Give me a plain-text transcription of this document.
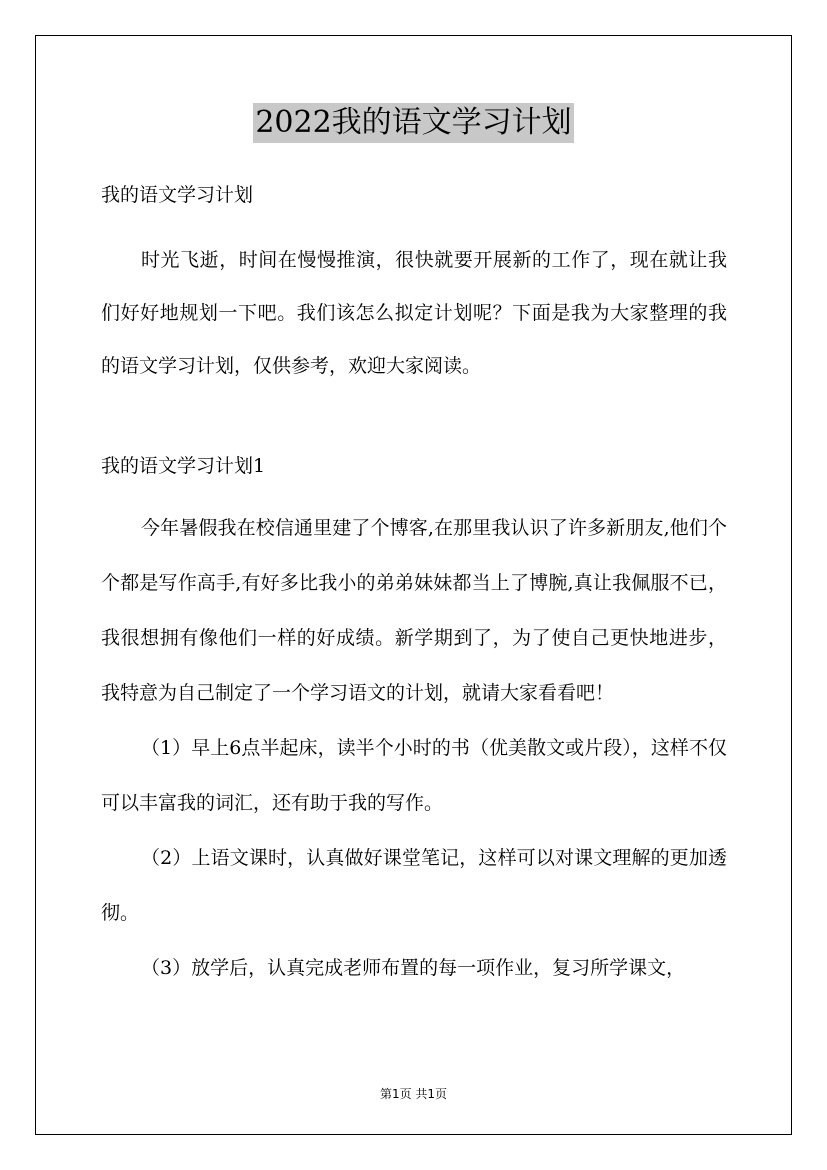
2022我的语文学习计划

我的语文学习计划

时光飞逝，时间在慢慢推演，很快就要开展新的工作了，现在就让我们好好地规划一下吧。我们该怎么拟定计划呢？下面是我为大家整理的我的语文学习计划，仅供参考，欢迎大家阅读。

我的语文学习计划1

今年暑假我在校信通里建了个博客,在那里我认识了许多新朋友,他们个个都是写作高手,有好多比我小的弟弟妹妹都当上了博腕,真让我佩服不已，我很想拥有像他们一样的好成绩。新学期到了，为了使自己更快地进步，我特意为自己制定了一个学习语文的计划，就请大家看看吧！

（1）早上6点半起床，读半个小时的书（优美散文或片段），这样不仅可以丰富我的词汇，还有助于我的写作。

（2）上语文课时，认真做好课堂笔记，这样可以对课文理解的更加透彻。

（3）放学后，认真完成老师布置的每一项作业，复习所学课文，

第1页 共1页
